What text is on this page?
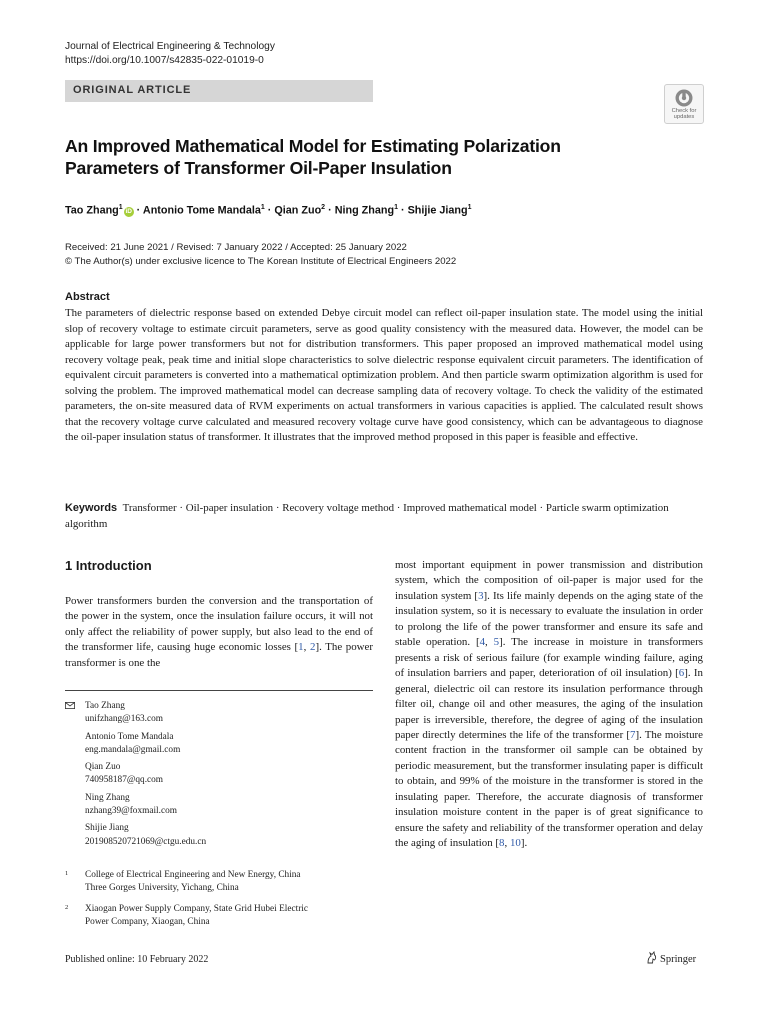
Journal of Electrical Engineering & Technology
https://doi.org/10.1007/s42835-022-01019-0
ORIGINAL ARTICLE
Check for
updates
An Improved Mathematical Model for Estimating Polarization
Parameters of Transformer Oil-Paper Insulation
Tao Zhang$^1$iD · Antonio Tome Mandala$^1$ · Qian Zuo$^2$ · Ning Zhang$^1$ · Shijie Jiang$^1$
Received: 21 June 2021 / Revised: 7 January 2022 / Accepted: 25 January 2022
© The Author(s) under exclusive licence to The Korean Institute of Electrical Engineers 2022
Abstract

The parameters of dielectric response based on extended Debye circuit model can reflect oil-paper insulation state. The model using the initial slop of recovery voltage to estimate circuit parameters, serve as good quality consistency with the measured data. However, the model can be applicable for large power transformers but not for distribution transformers. This paper proposed an improved mathematical model using recovery voltage peak, peak time and initial slope characteristics to solve dielectric response equivalent circuit parameters. The identification of equivalent circuit parameters is converted into a mathematical optimization problem. And then particle swarm optimization algorithm is used for solving the problem. The improved mathematical model can decrease sampling data of recovery voltage. To check the validity of the estimated parameters, the on-site measured data of RVM experiments on actual transformers in various capacities is applied. The calculated result shows that the recovery voltage curve calculated and measured recovery voltage curve have good consistency, which can be advantageous to diagnose the oil-paper insulation status of transformer. It illustrates that the improved method proposed in this paper is feasible and effective.

Keywords Transformer · Oil-paper insulation · Recovery voltage method · Improved mathematical model · Particle swarm optimization algorithm

1 Introduction

Power transformers burden the conversion and the transportation of the power in the system, once the insulation failure occurs, it will not only affect the reliability of power supply, but also lead to the end of the transformer life, causing huge economic losses [1, 2]. The power transformer is one the

most important equipment in power transmission and distribution system, which the composition of oil-paper is major used for the insulation system [3]. Its life mainly depends on the aging state of the insulation system, so it is necessary to evaluate the insulation in order to prolong the life of the power transformer and ensure its safe and stable operation. [4, 5]. The increase in moisture in transformers presents a risk of serious failure (for example winding failure, aging of insulation barriers and paper, deterioration of oil insulation) [6]. In general, dielectric oil can restore its insulation performance through filter oil, change oil and other measures, the aging of the insulation paper is irreversible, therefore, the degree of aging of the insulation paper directly determines the life of the transformer [7]. The moisture content fraction in the transformer oil sample can be obtained by periodic measurement, but the transformer insulating paper is difficult to obtain, and 99% of the moisture in the transformer is stored in the insulating paper. Therefore, the accurate diagnosis of transformer insulation moisture content in the paper is of great significance to ensure the safety and reliability of the transformer operation and delay the aging of insulation [8, 10].

Tao Zhang
unifzhang@163.com
Antonio Tome Mandala
eng.mandala@gmail.com
Qian Zuo
740958187@qq.com
Ning Zhang
nzhang39@foxmail.com
Shijie Jiang
201908520721069@ctgu.edu.cn
1 College of Electrical Engineering and New Energy, China
Three Gorges University, Yichang, China
2 Xiaogan Power Supply Company, State Grid Hubei Electric
Power Company, Xiaogan, China
Published online: 10 February 2022	Springer
